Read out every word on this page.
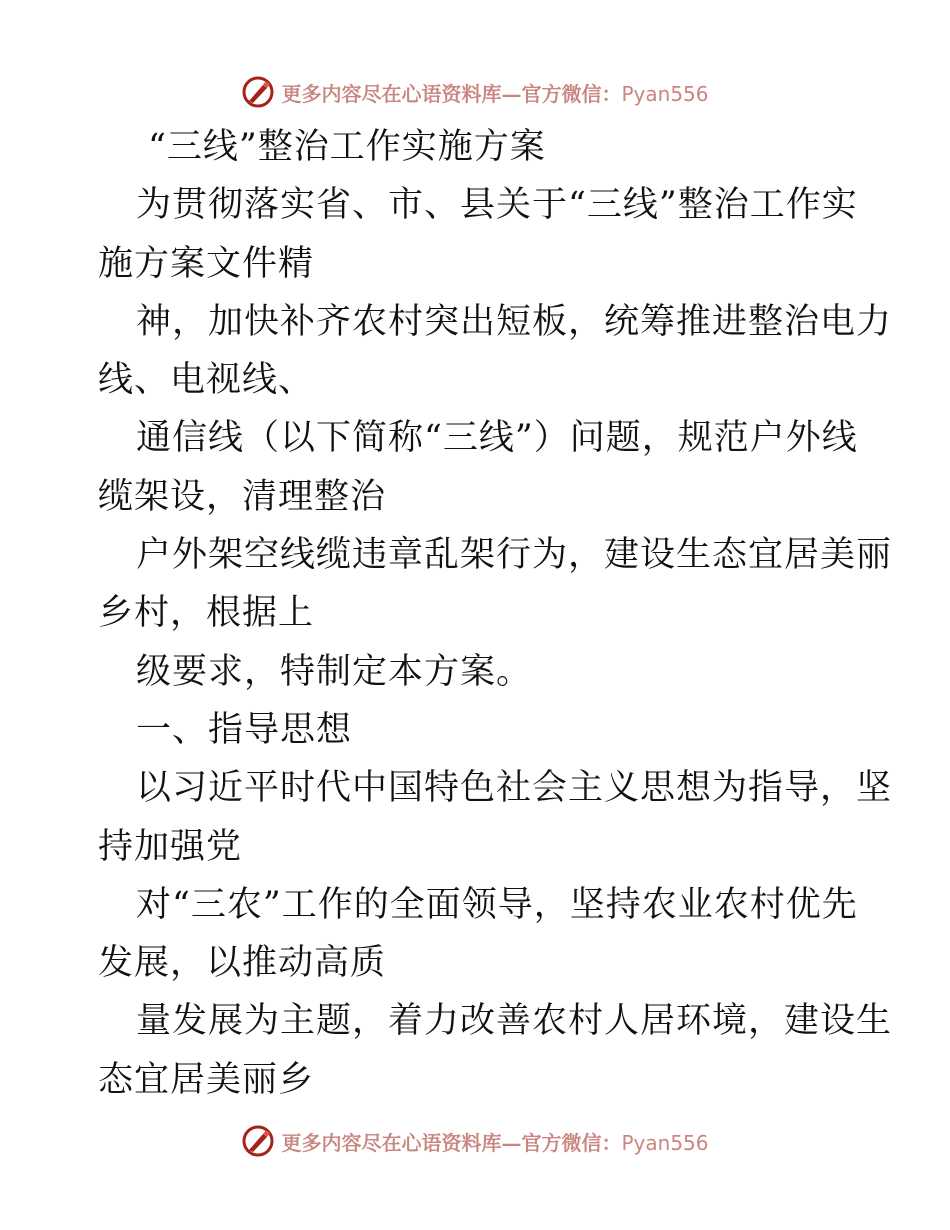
更多内容尽在心语资料库—官方微信：Pyan556
“三线”整治工作实施方案
为贯彻落实省、市、县关于“三线”整治工作实
施方案文件精
神，加快补齐农村突出短板，统筹推进整治电力
线、电视线、
通信线（以下简称“三线”）问题，规范户外线
缆架设，清理整治
户外架空线缆违章乱架行为，建设生态宜居美丽
乡村，根据上
级要求，特制定本方案。
一、指导思想
以习近平时代中国特色社会主义思想为指导，坚
持加强党
对“三农”工作的全面领导，坚持农业农村优先
发展，以推动高质
量发展为主题，着力改善农村人居环境，建设生
态宜居美丽乡
更多内容尽在心语资料库—官方微信：Pyan556
